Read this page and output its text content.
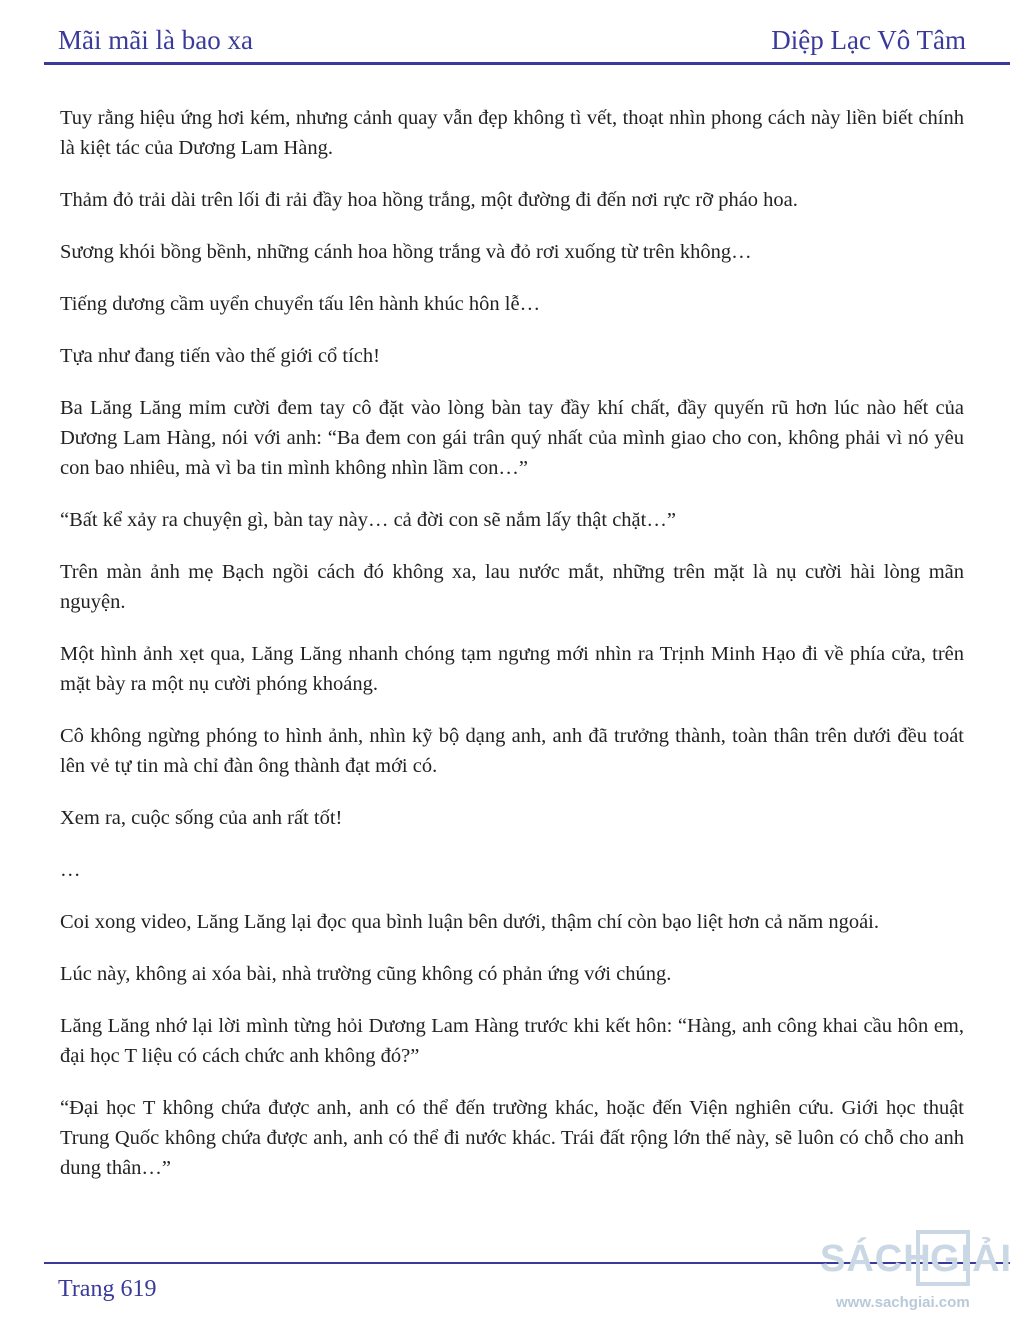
Mãi mãi là bao xa	Diệp Lạc Vô Tâm

Tuy rằng hiệu ứng hơi kém, nhưng cảnh quay vẫn đẹp không tì vết, thoạt nhìn phong cách này liền biết chính là kiệt tác của Dương Lam Hàng.

Thảm đỏ trải dài trên lối đi rải đầy hoa hồng trắng, một đường đi đến nơi rực rỡ pháo hoa.

Sương khói bồng bềnh, những cánh hoa hồng trắng và đỏ rơi xuống từ trên không…

Tiếng dương cầm uyển chuyển tấu lên hành khúc hôn lễ…

Tựa như đang tiến vào thế giới cổ tích!

Ba Lăng Lăng mỉm cười đem tay cô đặt vào lòng bàn tay đầy khí chất, đầy quyến rũ hơn lúc nào hết của Dương Lam Hàng, nói với anh: “Ba đem con gái trân quý nhất của mình giao cho con, không phải vì nó yêu con bao nhiêu, mà vì ba tin mình không nhìn lầm con…”

“Bất kể xảy ra chuyện gì, bàn tay này… cả đời con sẽ nắm lấy thật chặt…”

Trên màn ảnh mẹ Bạch ngồi cách đó không xa, lau nước mắt, những trên mặt là nụ cười hài lòng mãn nguyện.

Một hình ảnh xẹt qua, Lăng Lăng nhanh chóng tạm ngưng mới nhìn ra Trịnh Minh Hạo đi về phía cửa, trên mặt bày ra một nụ cười phóng khoáng.

Cô không ngừng phóng to hình ảnh, nhìn kỹ bộ dạng anh, anh đã trưởng thành, toàn thân trên dưới đều toát lên vẻ tự tin mà chỉ đàn ông thành đạt mới có.

Xem ra, cuộc sống của anh rất tốt!

…

Coi xong video, Lăng Lăng lại đọc qua bình luận bên dưới, thậm chí còn bạo liệt hơn cả năm ngoái.

Lúc này, không ai xóa bài, nhà trường cũng không có phản ứng với chúng.

Lăng Lăng nhớ lại lời mình từng hỏi Dương Lam Hàng trước khi kết hôn: “Hàng, anh công khai cầu hôn em, đại học T liệu có cách chức anh không đó?”

“Đại học T không chứa được anh, anh có thể đến trường khác, hoặc đến Viện nghiên cứu. Giới học thuật Trung Quốc không chứa được anh, anh có thể đi nước khác. Trái đất rộng lớn thế này, sẽ luôn có chỗ cho anh dung thân…”

Trang 619
SÁCH
GIẢI
www.sachgiai.com
